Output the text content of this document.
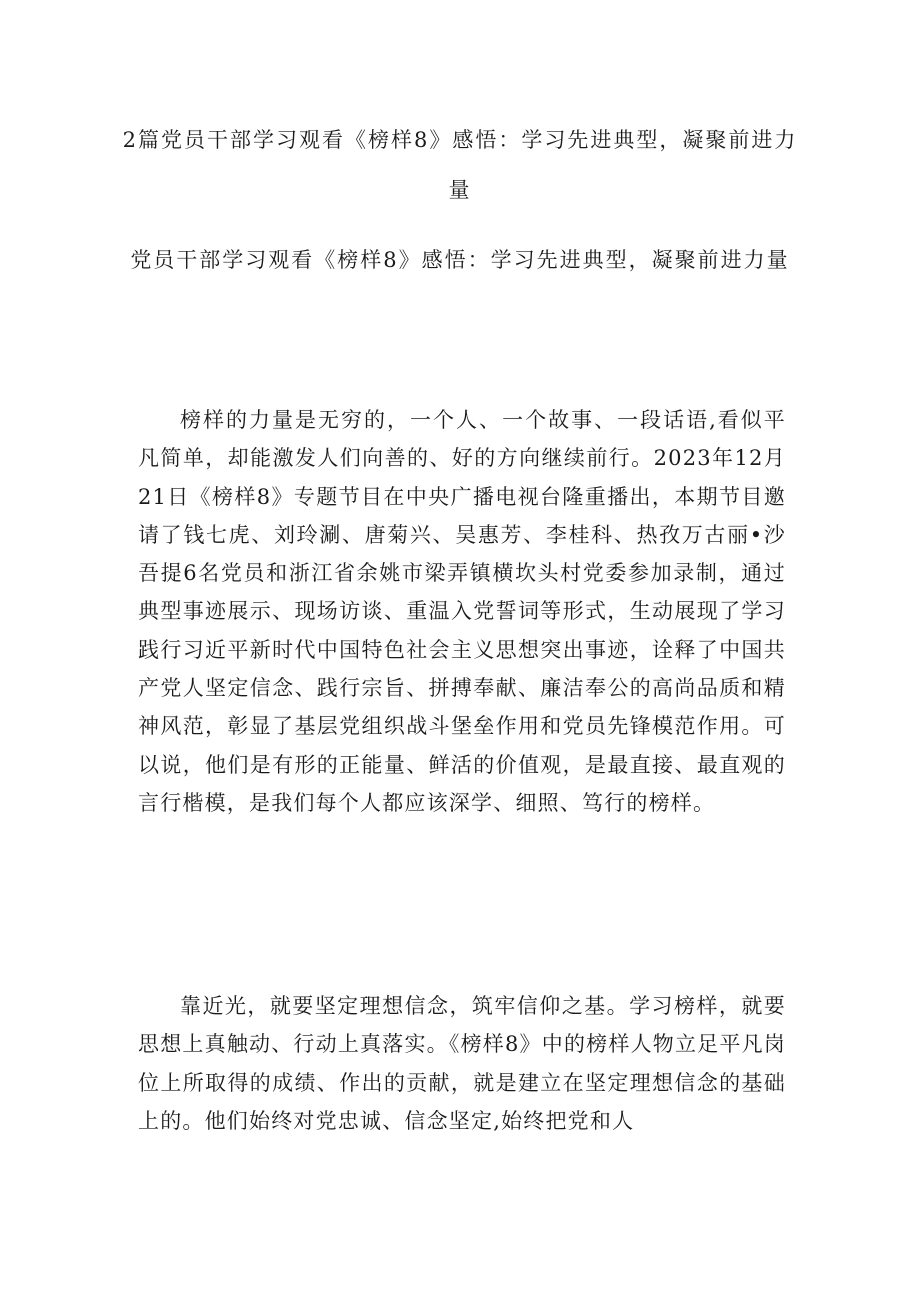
2篇党员干部学习观看《榜样8》感悟：学习先进典型，凝聚前进力量
党员干部学习观看《榜样8》感悟：学习先进典型，凝聚前进力量

榜样的力量是无穷的，一个人、一个故事、一段话语,看似平凡简单，却能激发人们向善的、好的方向继续前行。2023年12月21日《榜样8》专题节目在中央广播电视台隆重播出，本期节目邀请了钱七虎、刘玲涮、唐菊兴、吴惠芳、李桂科、热孜万古丽•沙吾提6名党员和浙江省余姚市梁弄镇横坎头村党委参加录制，通过典型事迹展示、现场访谈、重温入党誓词等形式，生动展现了学习践行习近平新时代中国特色社会主义思想突出事迹，诠释了中国共产党人坚定信念、践行宗旨、拼搏奉献、廉洁奉公的高尚品质和精神风范，彰显了基层党组织战斗堡垒作用和党员先锋模范作用。可以说，他们是有形的正能量、鲜活的价值观，是最直接、最直观的言行楷模，是我们每个人都应该深学、细照、笃行的榜样。

靠近光，就要坚定理想信念，筑牢信仰之基。学习榜样，就要思想上真触动、行动上真落实。《榜样8》中的榜样人物立足平凡岗位上所取得的成绩、作出的贡献，就是建立在坚定理想信念的基础上的。他们始终对党忠诚、信念坚定,始终把党和人
